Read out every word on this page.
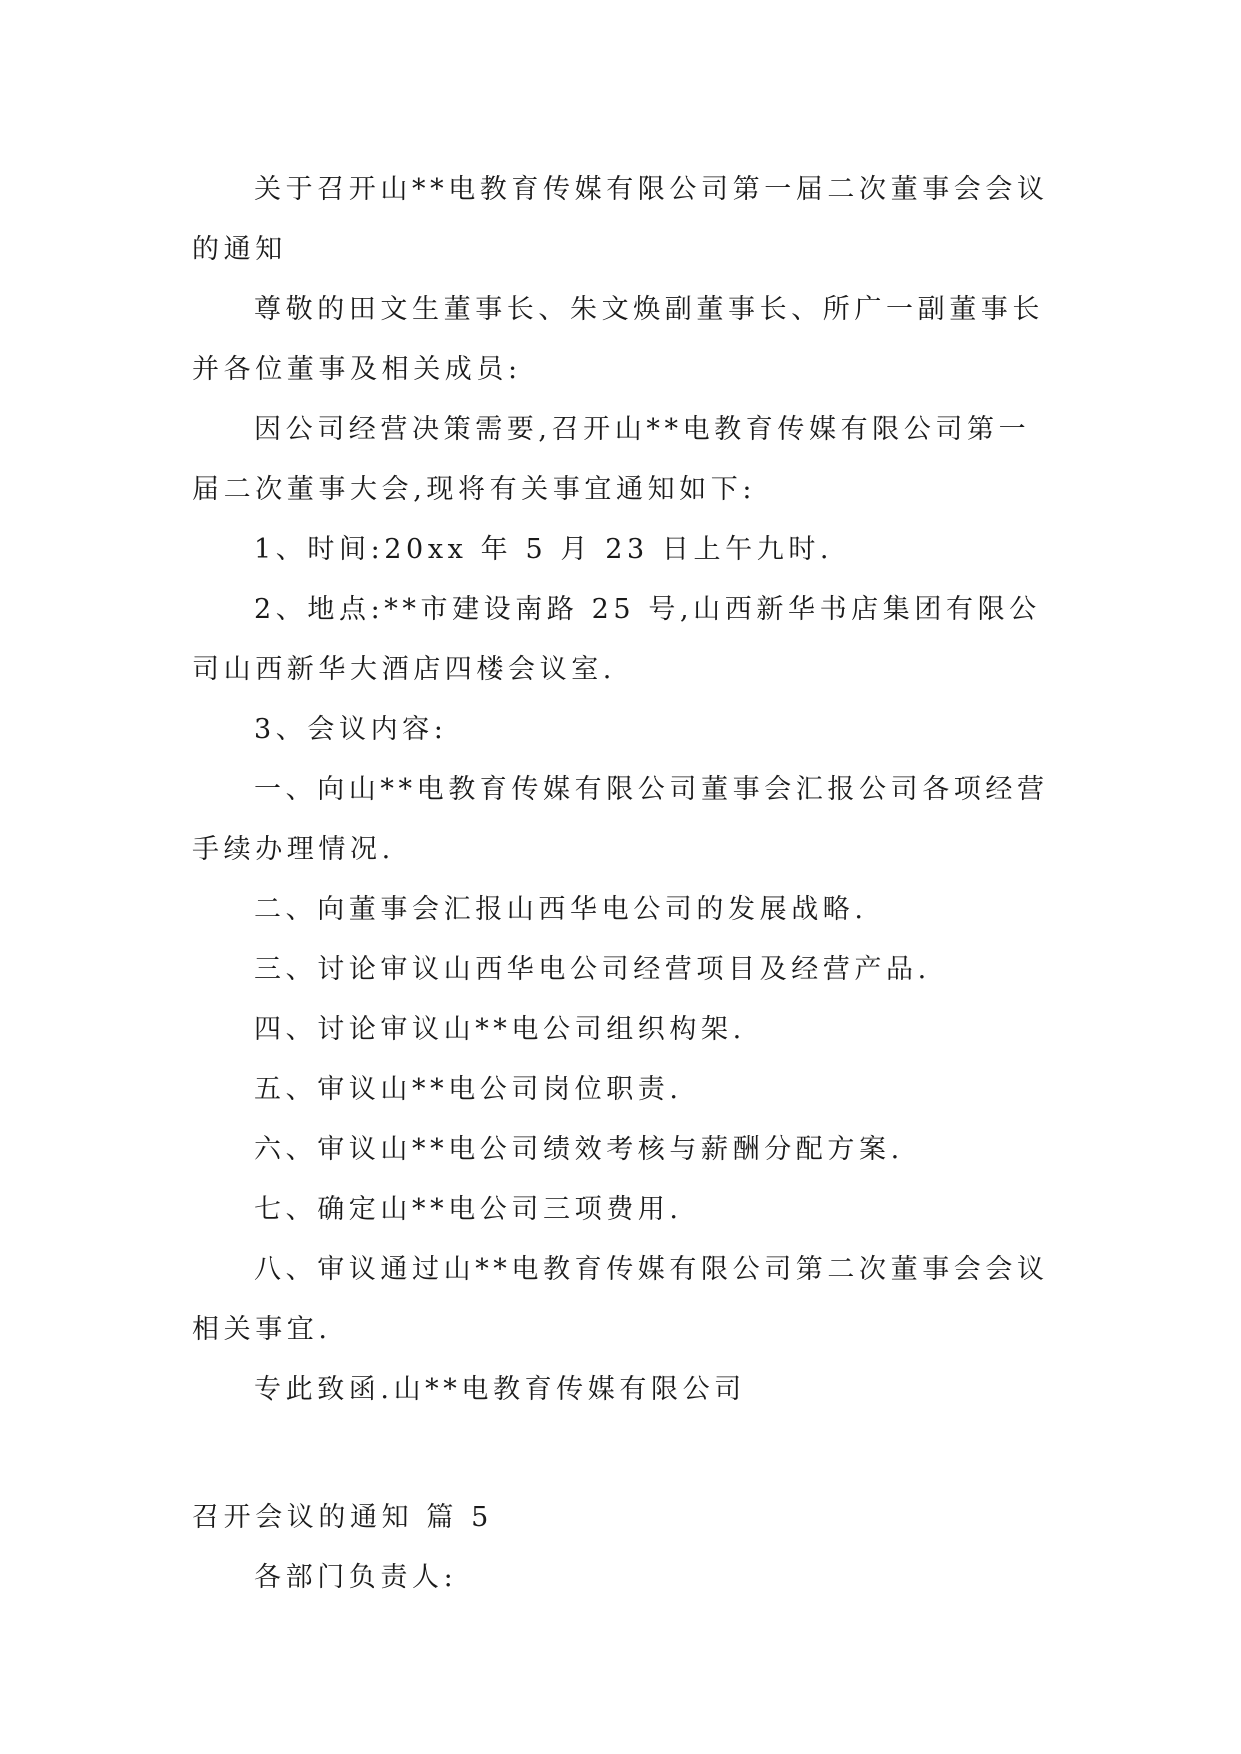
关于召开山**电教育传媒有限公司第一届二次董事会会议的通知

尊敬的田文生董事长、朱文焕副董事长、所广一副董事长并各位董事及相关成员:

因公司经营决策需要,召开山**电教育传媒有限公司第一届二次董事大会,现将有关事宜通知如下:

1、时间:20xx 年 5 月 23 日上午九时.

2、地点:**市建设南路 25 号,山西新华书店集团有限公司山西新华大酒店四楼会议室.

3、会议内容:

一、向山**电教育传媒有限公司董事会汇报公司各项经营手续办理情况.

二、向董事会汇报山西华电公司的发展战略.

三、讨论审议山西华电公司经营项目及经营产品.

四、讨论审议山**电公司组织构架.

五、审议山**电公司岗位职责.

六、审议山**电公司绩效考核与薪酬分配方案.

七、确定山**电公司三项费用.

八、审议通过山**电教育传媒有限公司第二次董事会会议相关事宜.

专此致函.山**电教育传媒有限公司

召开会议的通知 篇 5

各部门负责人:
